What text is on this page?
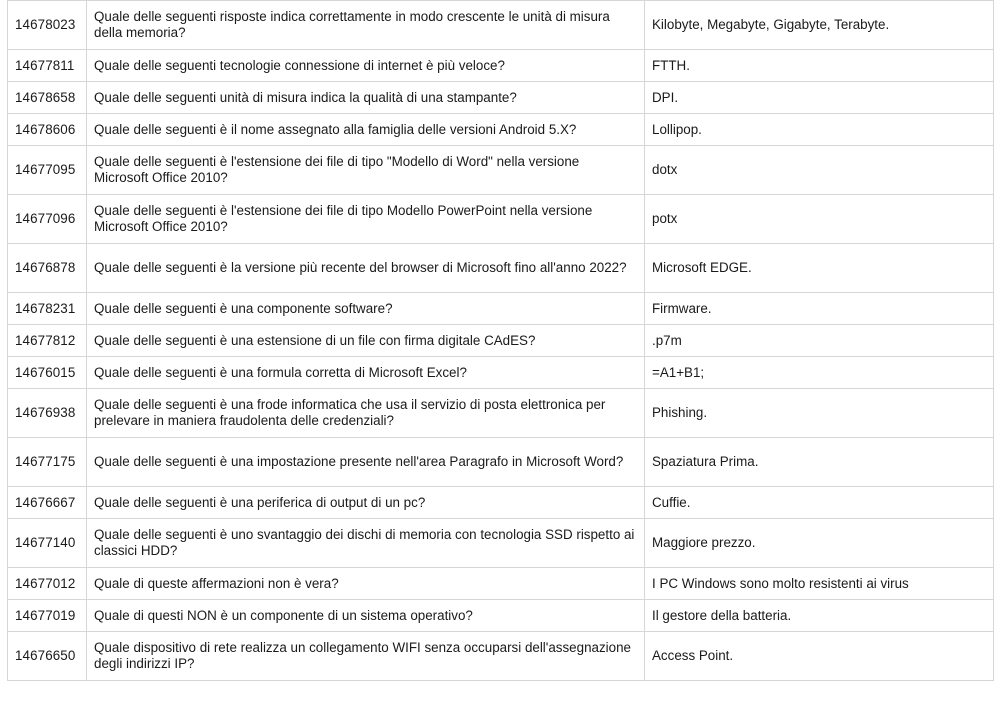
14678023	Quale delle seguenti risposte indica correttamente in modo crescente le unità di misura della memoria?	Kilobyte, Megabyte, Gigabyte, Terabyte.
14677811	Quale delle seguenti tecnologie connessione di internet è più veloce?	FTTH.
14678658	Quale delle seguenti unità di misura indica la qualità di una stampante?	DPI.
14678606	Quale delle seguenti è il nome assegnato alla famiglia delle versioni Android 5.X?	Lollipop.
14677095	Quale delle seguenti è l'estensione dei file di tipo "Modello di Word" nella versione Microsoft Office 2010?	dotx
14677096	Quale delle seguenti è l'estensione dei file di tipo Modello PowerPoint nella versione Microsoft Office 2010?	potx
14676878	Quale delle seguenti è la versione più recente del browser di Microsoft fino all'anno 2022?	Microsoft EDGE.
14678231	Quale delle seguenti è una componente software?	Firmware.
14677812	Quale delle seguenti è una estensione di un file con firma digitale CAdES?	.p7m
14676015	Quale delle seguenti è una formula corretta di Microsoft Excel?	=A1+B1;
14676938	Quale delle seguenti è una frode informatica che usa il servizio di posta elettronica per prelevare in maniera fraudolenta delle credenziali?	Phishing.
14677175	Quale delle seguenti è una impostazione presente nell'area Paragrafo in Microsoft Word?	Spaziatura Prima.
14676667	Quale delle seguenti è una periferica di output di un pc?	Cuffie.
14677140	Quale delle seguenti è uno svantaggio dei dischi di memoria con tecnologia SSD rispetto ai classici HDD?	Maggiore prezzo.
14677012	Quale di queste affermazioni non è vera?	I PC Windows sono molto resistenti ai virus
14677019	Quale di questi NON è un componente di un sistema operativo?	Il gestore della batteria.
14676650	Quale dispositivo di rete realizza un collegamento WIFI senza occuparsi dell'assegnazione degli indirizzi IP?	Access Point.
